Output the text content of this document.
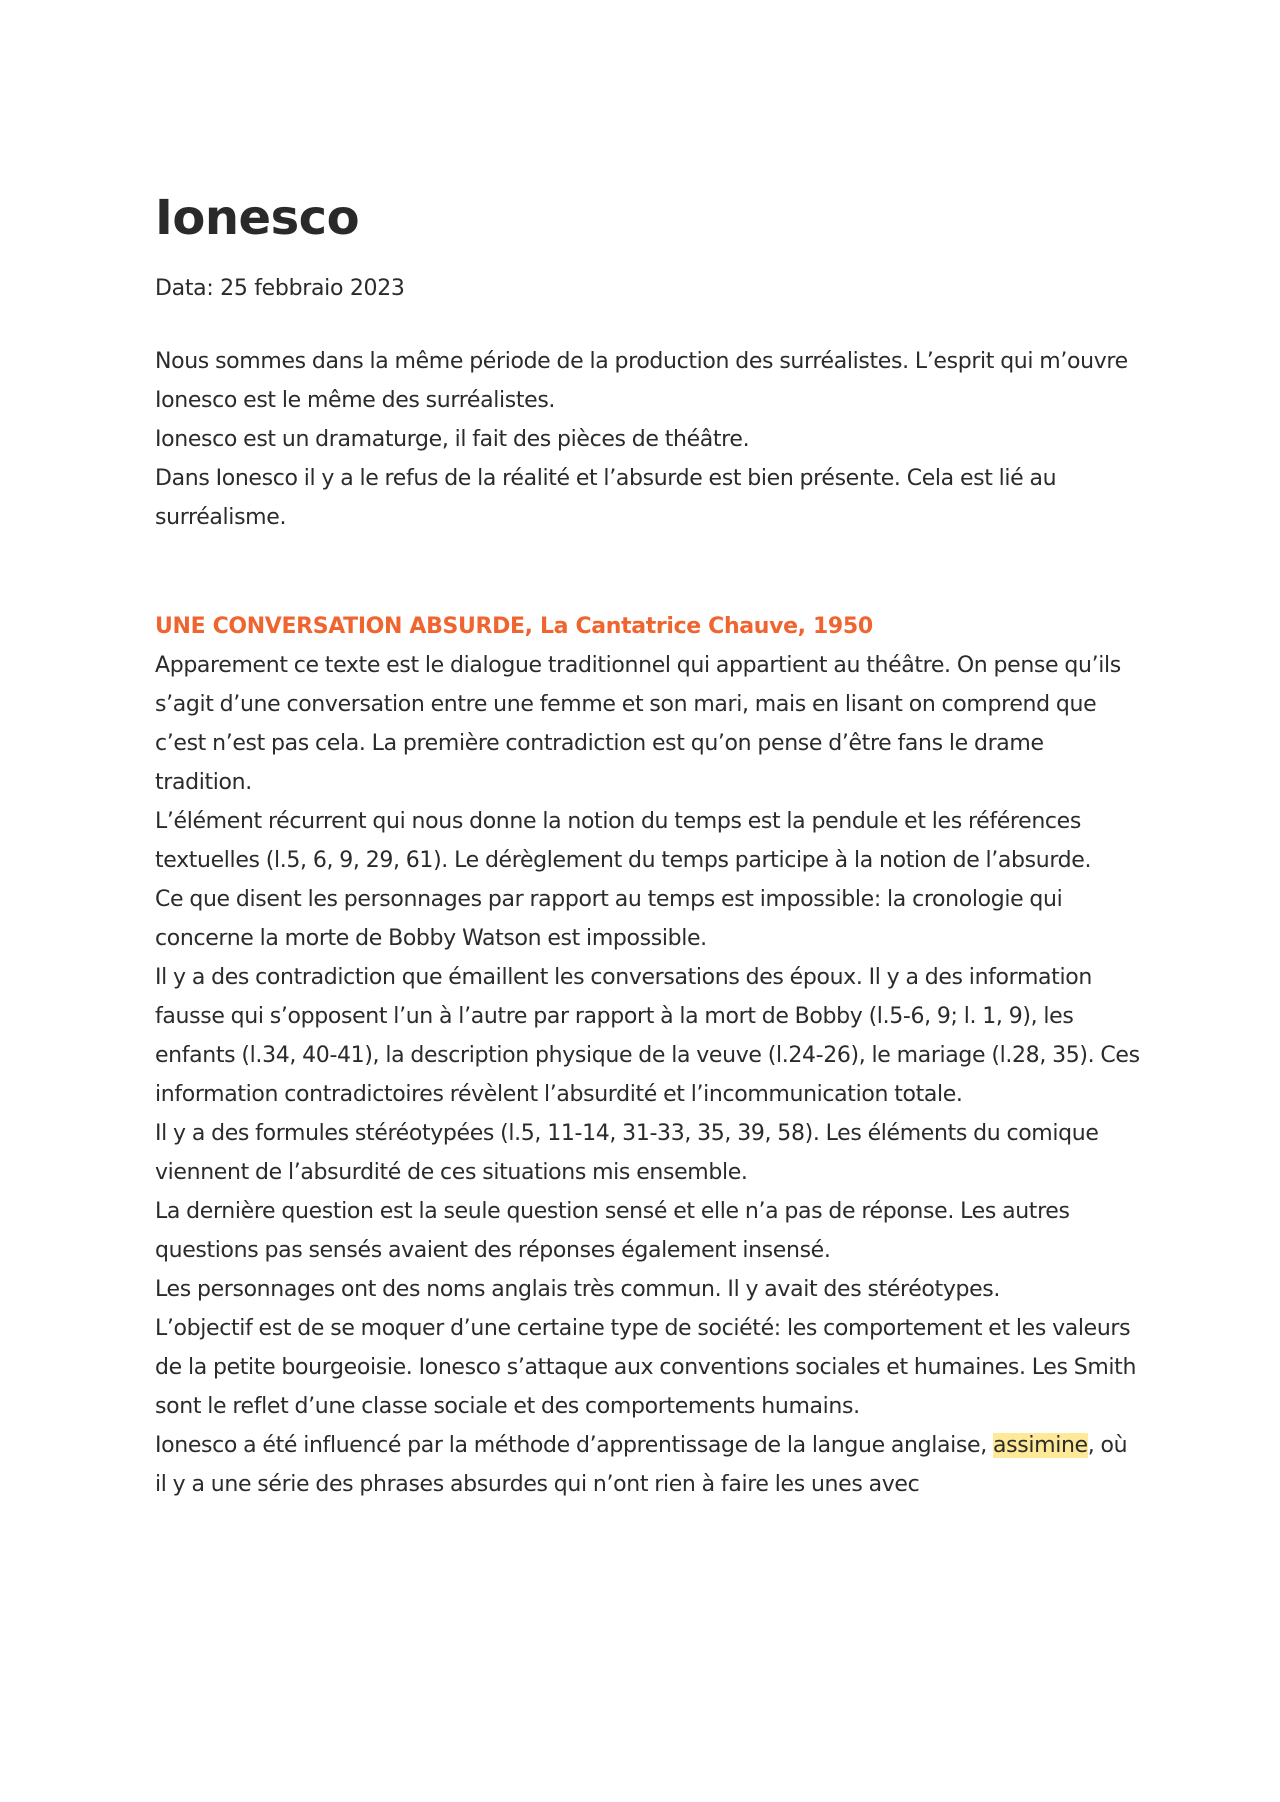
Ionesco

Data: 25 febbraio 2023

Nous sommes dans la même période de la production des surréalistes. L’esprit qui m’ouvre Ionesco est le même des surréalistes.

Ionesco est un dramaturge, il fait des pièces de théâtre.

Dans Ionesco il y a le refus de la réalité et l’absurde est bien présente. Cela est lié au surréalisme.

UNE CONVERSATION ABSURDE, La Cantatrice Chauve, 1950

Apparement ce texte est le dialogue traditionnel qui appartient au théâtre. On pense qu’ils s’agit d’une conversation entre une femme et son mari, mais en lisant on comprend que c’est n’est pas cela. La première contradiction est qu’on pense d’être fans le drame tradition.

L’élément récurrent qui nous donne la notion du temps est la pendule et les références textuelles (l.5, 6, 9, 29, 61). Le dérèglement du temps participe à la notion de l’absurde.

Ce que disent les personnages par rapport au temps est impossible: la cronologie qui concerne la morte de Bobby Watson est impossible.

Il y a des contradiction que émaillent les conversations des époux. Il y a des information fausse qui s’opposent l’un à l’autre par rapport à la mort de Bobby (l.5-6, 9; l. 1, 9), les enfants (l.34, 40-41), la description physique de la veuve (l.24-26), le mariage (l.28, 35). Ces information contradictoires révèlent l’absurdité et l’incommunication totale.

Il y a des formules stéréotypées (l.5, 11-14, 31-33, 35, 39, 58). Les éléments du comique viennent de l’absurdité de ces situations mis ensemble.

La dernière question est la seule question sensé et elle n’a pas de réponse. Les autres questions pas sensés avaient des réponses également insensé.

Les personnages ont des noms anglais très commun. Il y avait des stéréotypes.

L’objectif est de se moquer d’une certaine type de société: les comportement et les valeurs de la petite bourgeoisie. Ionesco s’attaque aux conventions sociales et humaines. Les Smith sont le reflet d’une classe sociale et des comportements humains.

Ionesco a été influencé par la méthode d’apprentissage de la langue anglaise, assimine, où il y a une série des phrases absurdes qui n’ont rien à faire les unes avec
